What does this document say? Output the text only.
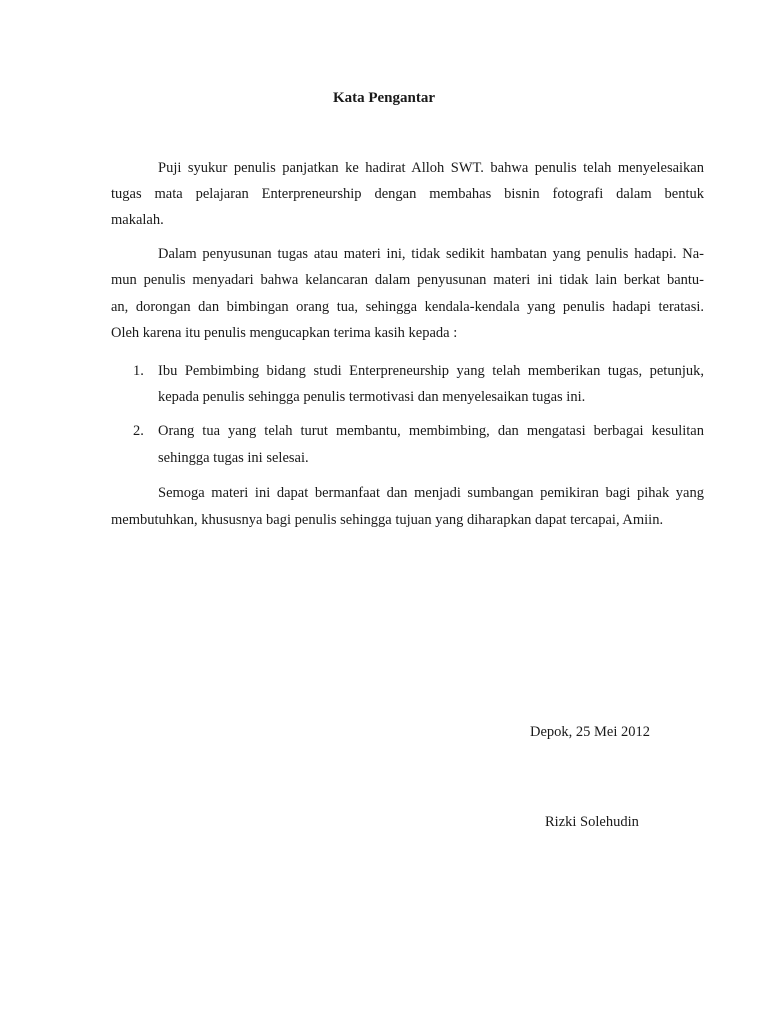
Kata Pengantar
Puji syukur penulis panjatkan ke hadirat Alloh SWT. bahwa penulis telah menyelesaikan
tugas mata pelajaran Enterpreneurship dengan membahas bisnin fotografi dalam bentuk
makalah.
Dalam penyusunan tugas atau materi ini, tidak sedikit hambatan yang penulis hadapi. Na-
mun penulis menyadari bahwa kelancaran dalam penyusunan materi ini tidak lain berkat bantu-
an, dorongan dan bimbingan orang tua, sehingga kendala-kendala yang penulis hadapi teratasi.
Oleh karena itu penulis mengucapkan terima kasih kepada :
1. Ibu Pembimbing bidang studi Enterpreneurship yang telah memberikan tugas, petunjuk,
kepada penulis sehingga penulis termotivasi dan menyelesaikan tugas ini.
2. Orang tua yang telah turut membantu, membimbing, dan mengatasi berbagai kesulitan
sehingga tugas ini selesai.
Semoga materi ini dapat bermanfaat dan menjadi sumbangan pemikiran bagi pihak yang
membutuhkan, khususnya bagi penulis sehingga tujuan yang diharapkan dapat tercapai, Amiin.
Depok, 25 Mei 2012
Rizki Solehudin
